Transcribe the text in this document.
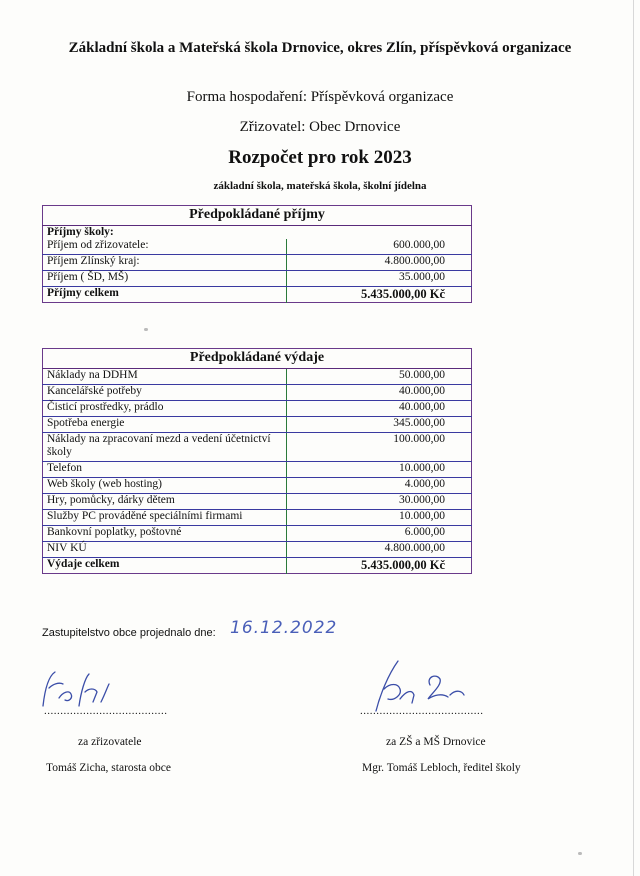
Základní škola a Mateřská škola Drnovice, okres Zlín, příspěvková organizace
Forma hospodaření: Příspěvková organizace
Zřizovatel: Obec Drnovice
Rozpočet pro rok 2023
základní škola, mateřská škola, školní jídelna
Předpokládané příjmy	
Příjmy školy:	
Příjem od zřizovatele:	600.000,00
Příjem Zlínský kraj:	4.800.000,00
Příjem ( ŠD, MŠ)	35.000,00
Příjmy celkem	5.435.000,00 Kč
Předpokládané výdaje	
Náklady na DDHM	50.000,00
Kancelářské potřeby	40.000,00
Čisticí prostředky, prádlo	40.000,00
Spotřeba energie	345.000,00
Náklady na zpracovaní mezd a vedení účetnictví školy	100.000,00
Telefon	10.000,00
Web školy (web hosting)	4.000,00
Hry, pomůcky, dárky dětem	30.000,00
Služby PC prováděné speciálními firmami	10.000,00
Bankovní poplatky, poštovné	6.000,00
NIV KÚ	4.800.000,00
Výdaje celkem	5.435.000,00 Kč
Zastupitelstvo obce projednalo dne: 16.12.2022
......................................	......................................
za zřizovatele
Tomáš Zicha, starosta obce
za ZŠ a MŠ Drnovice
Mgr. Tomáš Lebloch, ředitel školy
